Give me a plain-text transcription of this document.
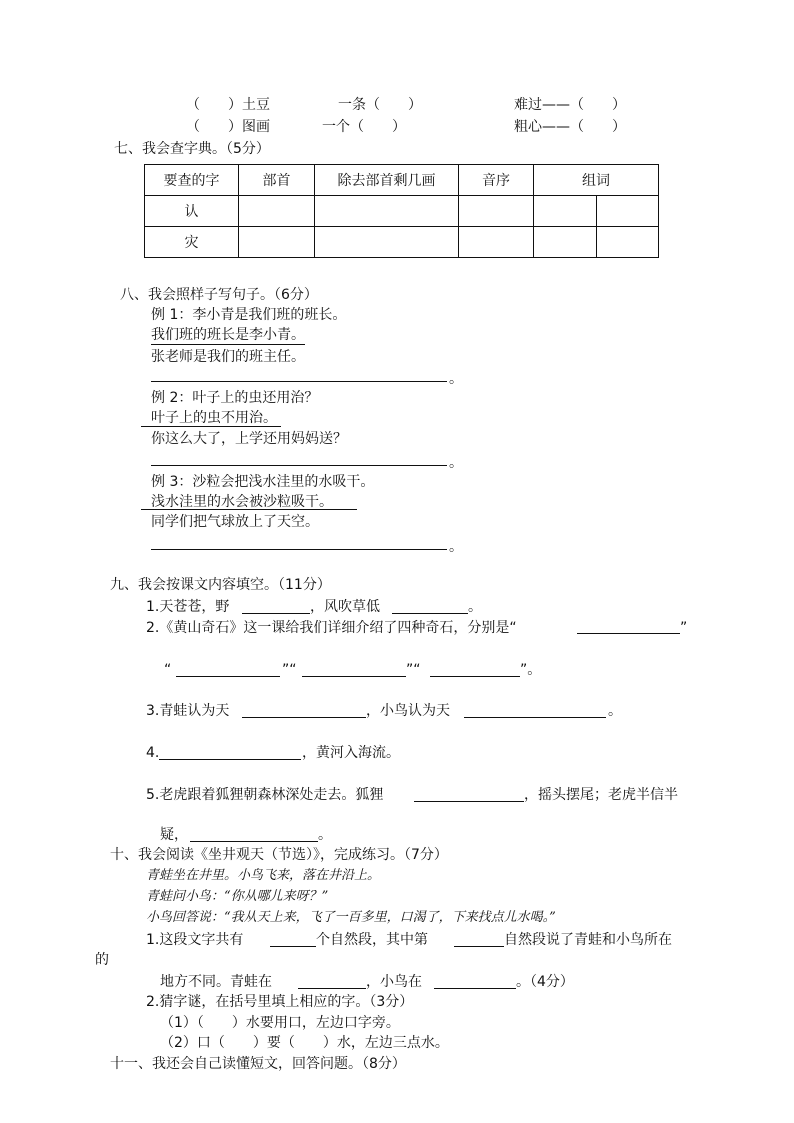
（　　）土豆	一条（　　）	难过——（　　）
（　　）图画	一个（　　）	粗心——（　　）
七、我会查字典。（5分）
要查的字	部首	除去部首剩几画	音序	组词	
认					
灾					
八、我会照样子写句子。（6分）
例 1：李小青是我们班的班长。
我们班的班长是李小青。
张老师是我们的班主任。
。
例 2：叶子上的虫还用治？
叶子上的虫不用治。
你这么大了，上学还用妈妈送？
。
例 3：沙粒会把浅水洼里的水吸干。
浅水洼里的水会被沙粒吸干。
同学们把气球放上了天空。
。
九、我会按课文内容填空。（11分）
1.天苍苍，野	，风吹草低	。
2.《黄山奇石》这一课给我们详细介绍了四种奇石，分别是“	”
“	”“	”“	”。
3.青蛙认为天	，小鸟认为天	。
4.	，黄河入海流。
5.老虎跟着狐狸朝森林深处走去。狐狸	，摇头摆尾；老虎半信半
疑，	。
十、我会阅读《坐井观天（节选）》，完成练习。（7分）
青蛙坐在井里。小鸟飞来，落在井沿上。
青蛙问小鸟：“你从哪儿来呀？”
小鸟回答说：“我从天上来，飞了一百多里，口渴了，下来找点儿水喝。”
1.这段文字共有	个自然段，其中第	自然段说了青蛙和小鸟所在
的
地方不同。青蛙在	，小鸟在	。（4分）
2.猜字谜，在括号里填上相应的字。（3分）
（1）（　　）水要用口，左边口字旁。
（2）口（　　）要（　　）水，左边三点水。
十一、我还会自己读懂短文，回答问题。（8分）
